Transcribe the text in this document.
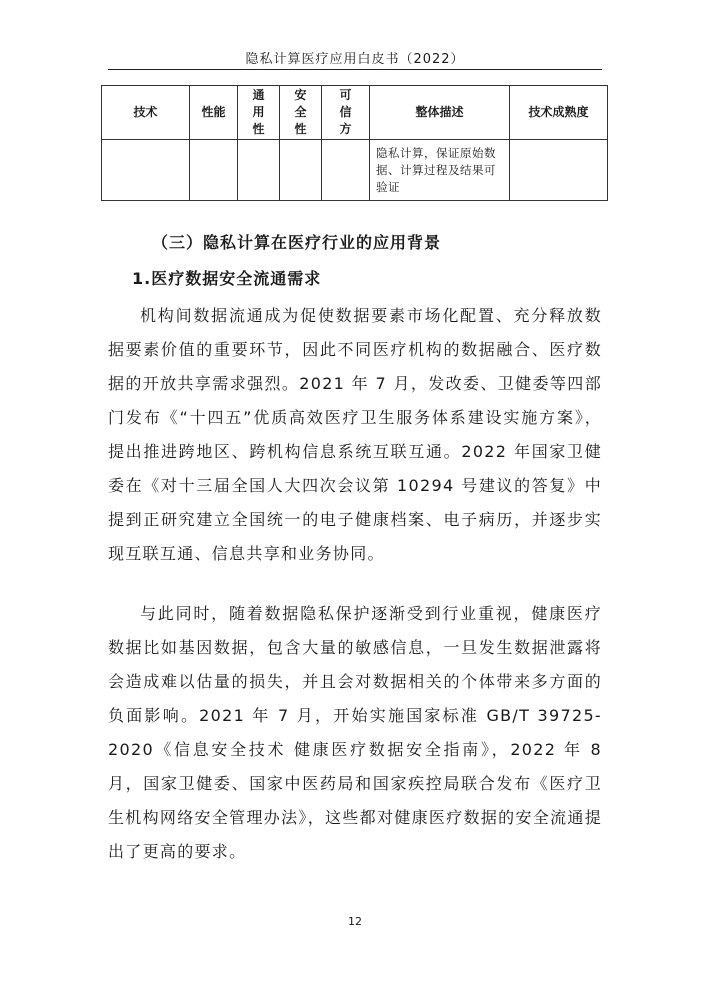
隐私计算医疗应用白皮书（2022）
技术	性能	通用性	安全性	可信方	整体描述	技术成熟度
					隐私计算，保证原始数据、计算过程及结果可验证	
（三）隐私计算在医疗行业的应用背景
1.医疗数据安全流通需求
机构间数据流通成为促使数据要素市场化配置、充分释放数据要素价值的重要环节，因此不同医疗机构的数据融合、医疗数据的开放共享需求强烈。2021 年 7 月，发改委、卫健委等四部门发布《“十四五”优质高效医疗卫生服务体系建设实施方案》，提出推进跨地区、跨机构信息系统互联互通。2022 年国家卫健委在《对十三届全国人大四次会议第 10294 号建议的答复》中提到正研究建立全国统一的电子健康档案、电子病历，并逐步实现互联互通、信息共享和业务协同。
与此同时，随着数据隐私保护逐渐受到行业重视，健康医疗数据比如基因数据，包含大量的敏感信息，一旦发生数据泄露将会造成难以估量的损失，并且会对数据相关的个体带来多方面的负面影响。2021 年 7 月，开始实施国家标准 GB/T 39725-2020《信息安全技术 健康医疗数据安全指南》，2022 年 8 月，国家卫健委、国家中医药局和国家疾控局联合发布《医疗卫生机构网络安全管理办法》，这些都对健康医疗数据的安全流通提出了更高的要求。
12
